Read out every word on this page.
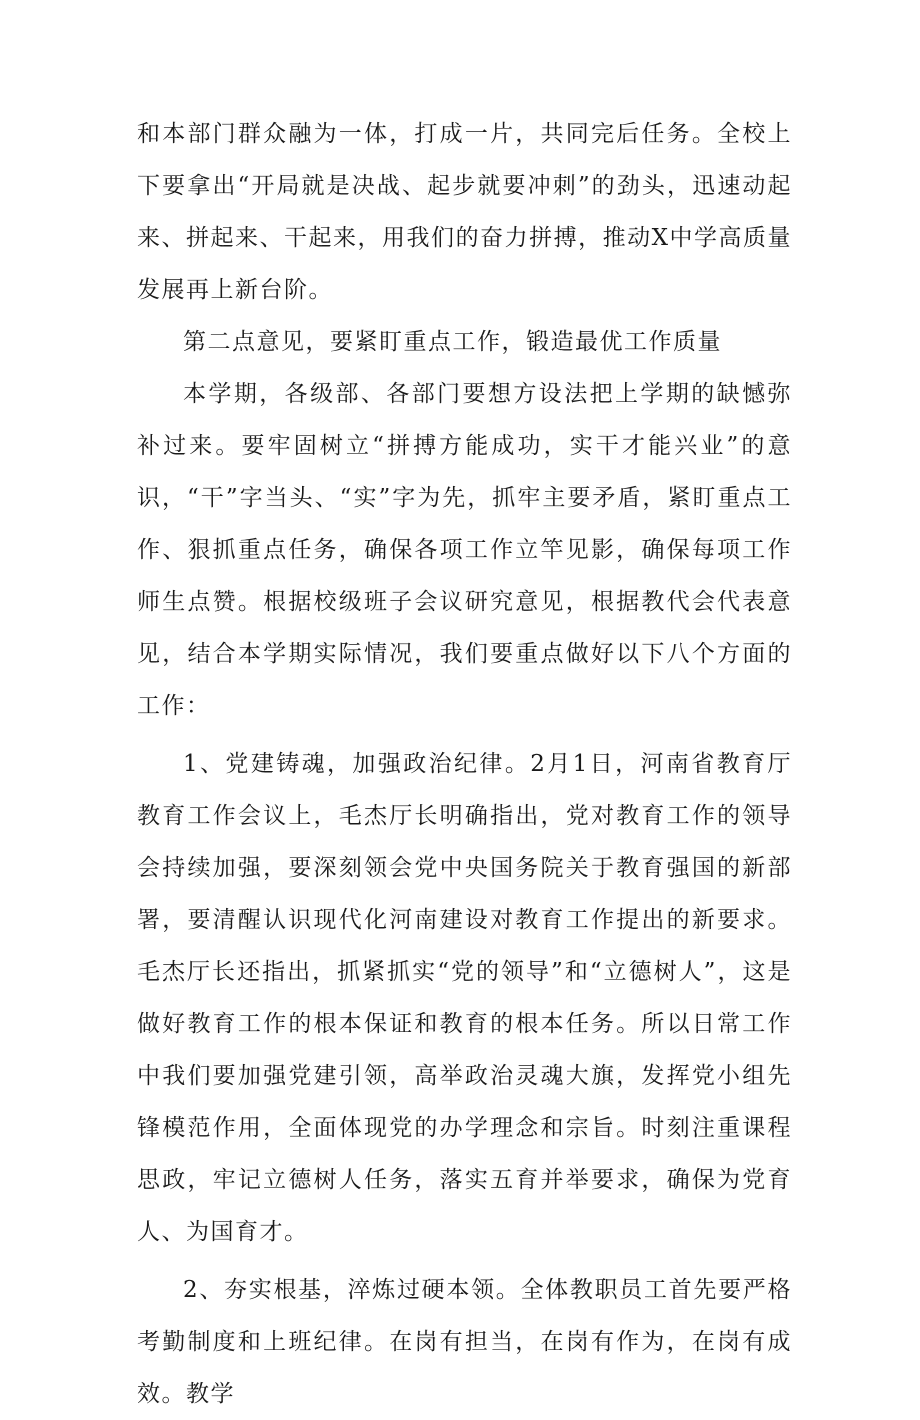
和本部门群众融为一体，打成一片，共同完后任务。全校上下要拿出“开局就是决战、起步就要冲刺”的劲头，迅速动起来、拼起来、干起来，用我们的奋力拼搏，推动X中学高质量发展再上新台阶。

第二点意见，要紧盯重点工作，锻造最优工作质量

本学期，各级部、各部门要想方设法把上学期的缺憾弥补过来。要牢固树立“拼搏方能成功，实干才能兴业”的意识，“干”字当头、“实”字为先，抓牢主要矛盾，紧盯重点工作、狠抓重点任务，确保各项工作立竿见影，确保每项工作师生点赞。根据校级班子会议研究意见，根据教代会代表意见，结合本学期实际情况，我们要重点做好以下八个方面的工作：

1、党建铸魂，加强政治纪律。2月1日，河南省教育厅教育工作会议上，毛杰厅长明确指出，党对教育工作的领导会持续加强，要深刻领会党中央国务院关于教育强国的新部署，要清醒认识现代化河南建设对教育工作提出的新要求。毛杰厅长还指出，抓紧抓实“党的领导”和“立德树人”，这是做好教育工作的根本保证和教育的根本任务。所以日常工作中我们要加强党建引领，高举政治灵魂大旗，发挥党小组先锋模范作用，全面体现党的办学理念和宗旨。时刻注重课程思政，牢记立德树人任务，落实五育并举要求，确保为党育人、为国育才。

2、夯实根基，淬炼过硬本领。全体教职员工首先要严格考勤制度和上班纪律。在岗有担当，在岗有作为，在岗有成效。教学
